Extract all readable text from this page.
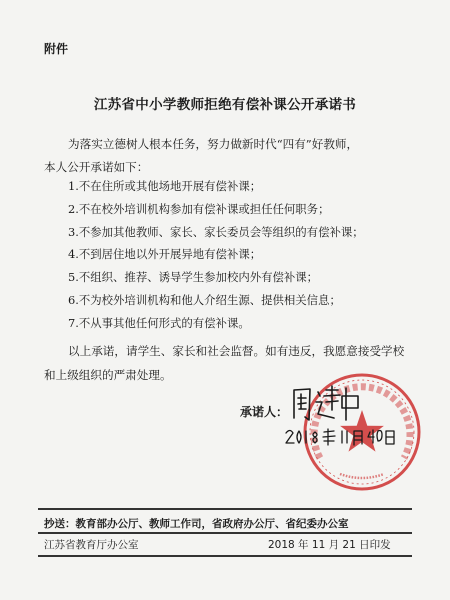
附件
江苏省中小学教师拒绝有偿补课公开承诺书
为落实立德树人根本任务，努力做新时代“四有”好教师，
本人公开承诺如下：
1.不在住所或其他场地开展有偿补课；
2.不在校外培训机构参加有偿补课或担任任何职务；
3.不参加其他教师、家长、家长委员会等组织的有偿补课；
4.不到居住地以外开展异地有偿补课；
5.不组织、推荐、诱导学生参加校内外有偿补课；
6.不为校外培训机构和他人介绍生源、提供相关信息；
7.不从事其他任何形式的有偿补课。
以上承诺，请学生、家长和社会监督。如有违反，我愿意接受学校和上级组织的严肃处理。
承诺人：
抄送：教育部办公厅、教师工作司，省政府办公厅、省纪委办公室
江苏省教育厅办公室	2018 年 11 月 21 日印发
